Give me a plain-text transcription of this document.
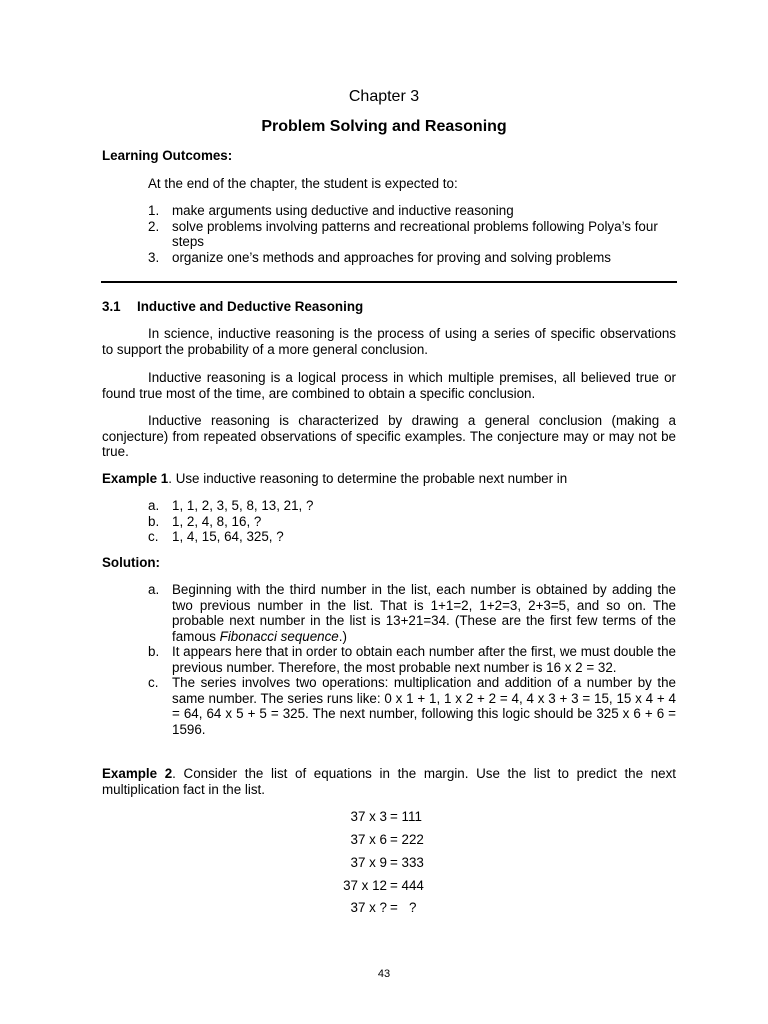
Chapter 3
Problem Solving and Reasoning
Learning Outcomes:
At the end of the chapter, the student is expected to:
1. make arguments using deductive and inductive reasoning
2. solve problems involving patterns and recreational problems following Polya’s four steps
3. organize one’s methods and approaches for proving and solving problems
3.1 Inductive and Deductive Reasoning
In science, inductive reasoning is the process of using a series of specific observations to support the probability of a more general conclusion.
Inductive reasoning is a logical process in which multiple premises, all believed true or found true most of the time, are combined to obtain a specific conclusion.
Inductive reasoning is characterized by drawing a general conclusion (making a conjecture) from repeated observations of specific examples. The conjecture may or may not be true.
Example 1. Use inductive reasoning to determine the probable next number in
a. 1, 1, 2, 3, 5, 8, 13, 21, ?
b. 1, 2, 4, 8, 16, ?
c. 1, 4, 15, 64, 325, ?
Solution:
a. Beginning with the third number in the list, each number is obtained by adding the two previous number in the list. That is 1+1=2, 1+2=3, 2+3=5, and so on. The probable next number in the list is 13+21=34. (These are the first few terms of the famous Fibonacci sequence.)
b. It appears here that in order to obtain each number after the first, we must double the previous number. Therefore, the most probable next number is 16 x 2 = 32.
c. The series involves two operations: multiplication and addition of a number by the same number. The series runs like: 0 x 1 + 1, 1 x 2 + 2 = 4, 4 x 3 + 3 = 15, 15 x 4 + 4 = 64, 64 x 5 + 5 = 325. The next number, following this logic should be 325 x 6 + 6 = 1596.
Example 2. Consider the list of equations in the margin. Use the list to predict the next multiplication fact in the list.
37 x 3 = 111
37 x 6 = 222
37 x 9 = 333
37 x 12 = 444
37 x ? =   ?
43
